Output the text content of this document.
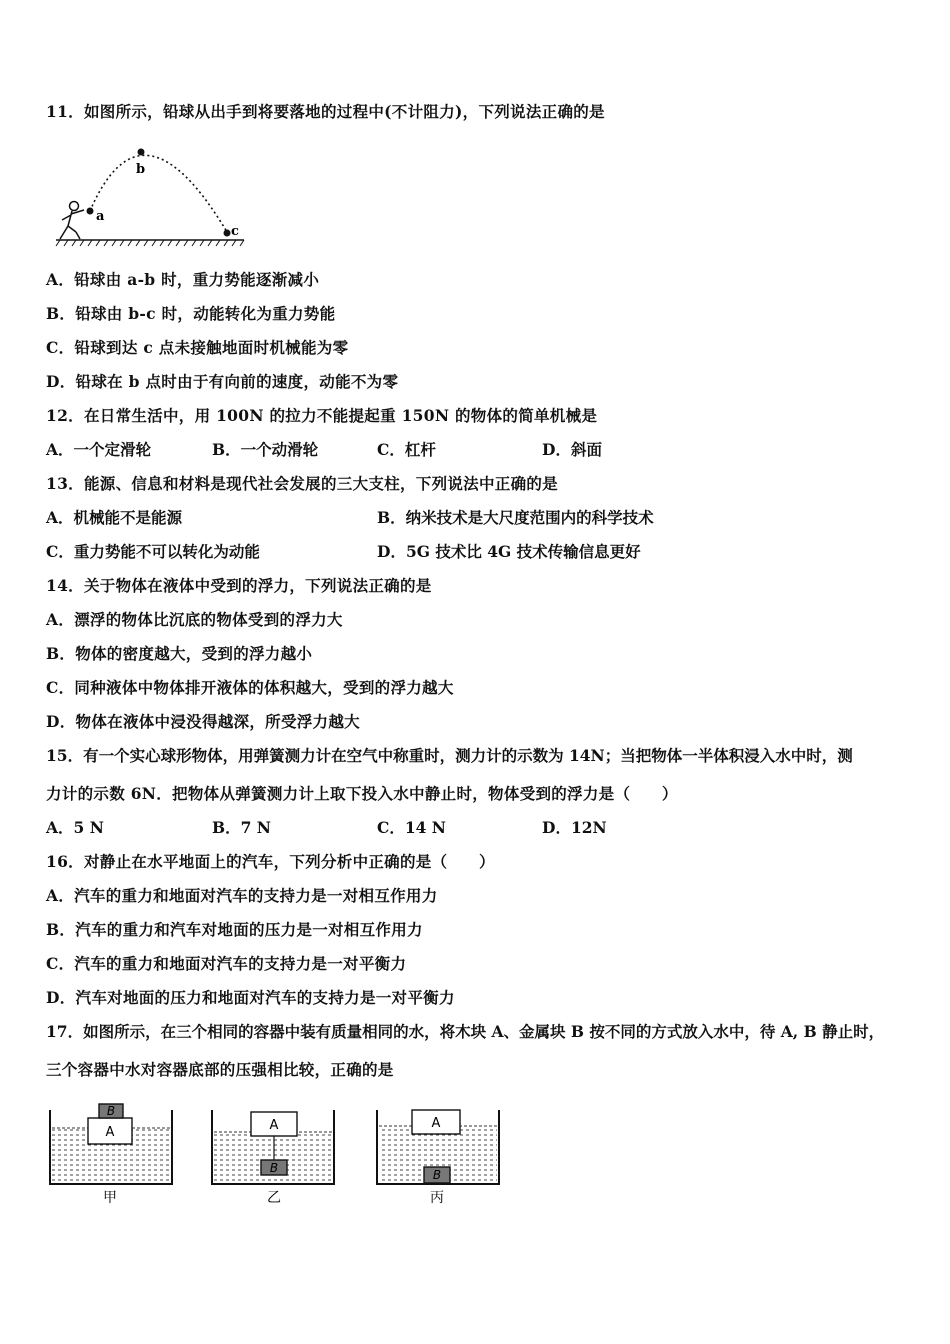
11．如图所示，铅球从出手到将要落地的过程中(不计阻力)，下列说法正确的是
a
b
c
A．铅球由 a-b 时，重力势能逐渐减小
B．铅球由 b-c 时，动能转化为重力势能
C．铅球到达 c 点未接触地面时机械能为零
D．铅球在 b 点时由于有向前的速度，动能不为零
12．在日常生活中，用 100N 的拉力不能提起重 150N 的物体的简单机械是
A．一个定滑轮	B．一个动滑轮	C．杠杆	D．斜面
13．能源、信息和材料是现代社会发展的三大支柱，下列说法中正确的是
A．机械能不是能源	B．纳米技术是大尺度范围内的科学技术
C．重力势能不可以转化为动能	D．5G 技术比 4G 技术传输信息更好
14．关于物体在液体中受到的浮力，下列说法正确的是
A．漂浮的物体比沉底的物体受到的浮力大
B．物体的密度越大，受到的浮力越小
C．同种液体中物体排开液体的体积越大，受到的浮力越大
D．物体在液体中浸没得越深，所受浮力越大
15．有一个实心球形物体，用弹簧测力计在空气中称重时，测力计的示数为 14N；当把物体一半体积浸入水中时，测
力计的示数 6N．把物体从弹簧测力计上取下投入水中静止时，物体受到的浮力是（　　）
A．5 N	B．7 N	C．14 N	D．12N
16．对静止在水平地面上的汽车，下列分析中正确的是（　　）
A．汽车的重力和地面对汽车的支持力是一对相互作用力
B．汽车的重力和汽车对地面的压力是一对相互作用力
C．汽车的重力和地面对汽车的支持力是一对平衡力
D．汽车对地面的压力和地面对汽车的支持力是一对平衡力
17．如图所示，在三个相同的容器中装有质量相同的水，将木块 A、金属块 B 按不同的方式放入水中，待 A, B 静止时，
三个容器中水对容器底部的压强相比较，正确的是
A
B
甲
A
B
乙
A
B
丙
